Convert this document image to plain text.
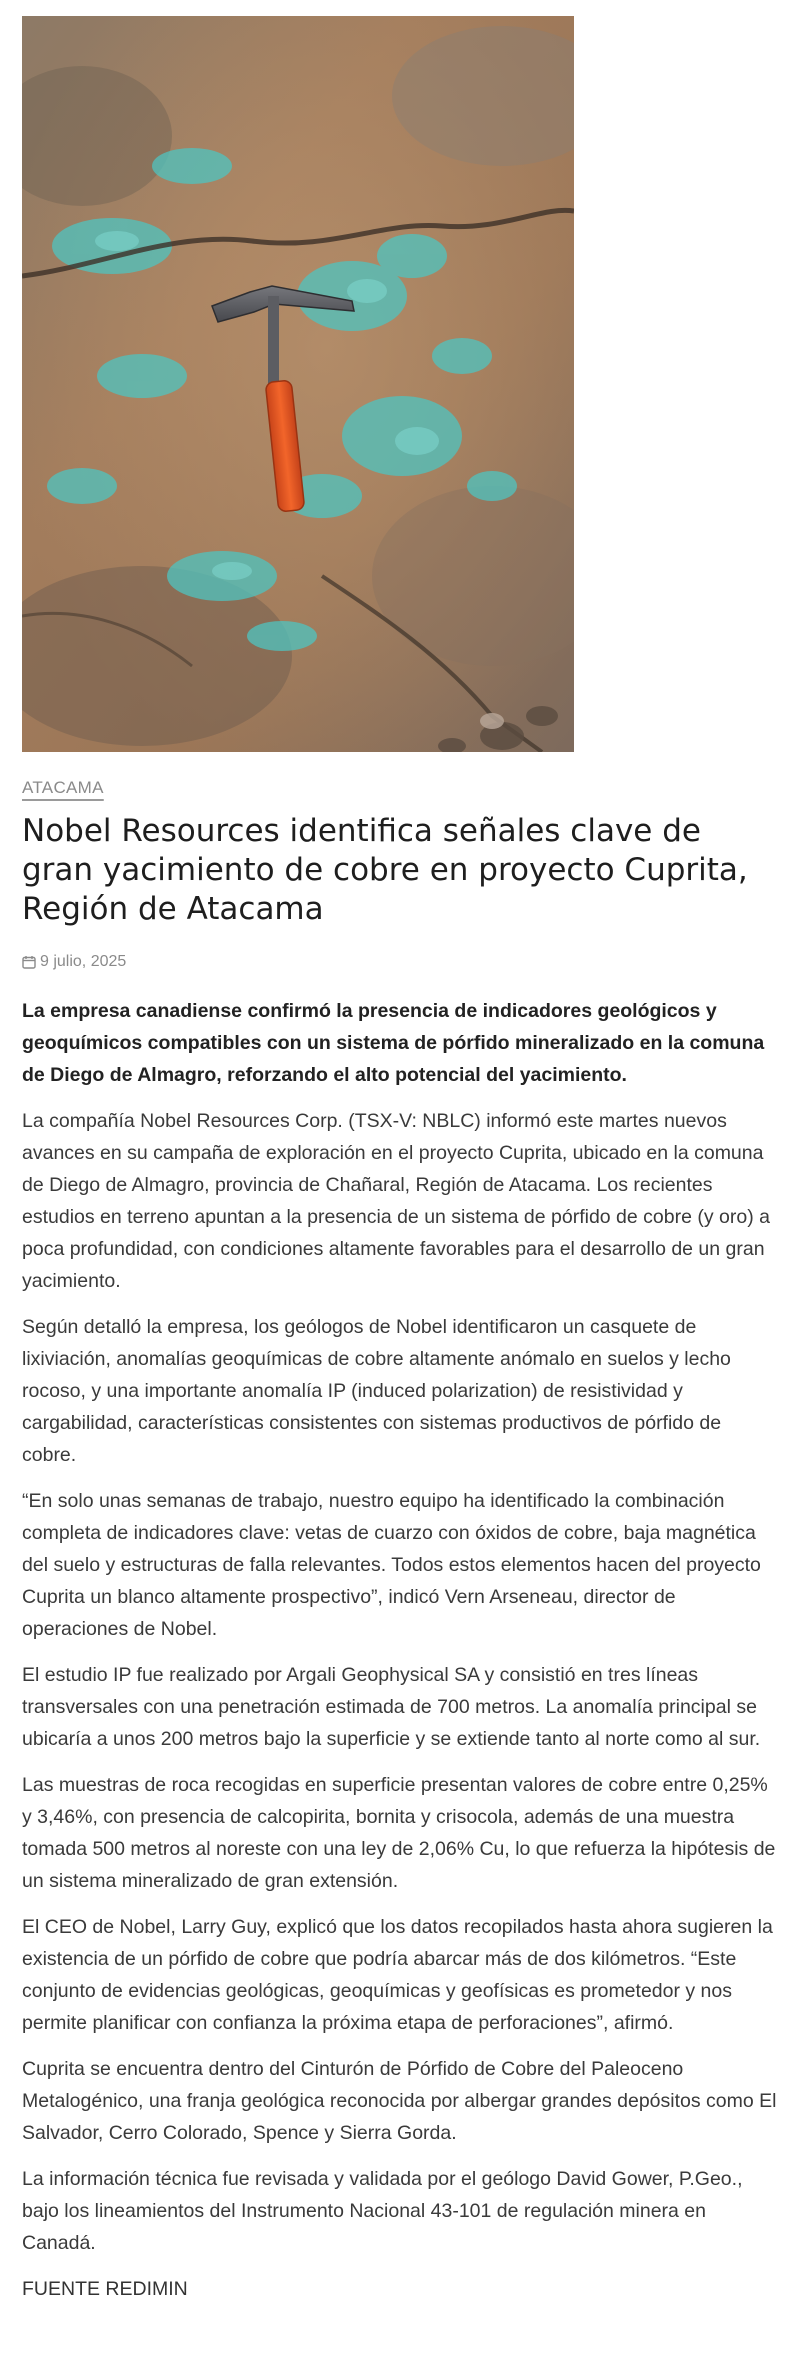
ATACAMA
Nobel Resources identifica señales clave de gran yacimiento de cobre en proyecto Cuprita, Región de Atacama
9 julio, 2025

La empresa canadiense confirmó la presencia de indicadores geológicos y geoquímicos compatibles con un sistema de pórfido mineralizado en la comuna de Diego de Almagro, reforzando el alto potencial del yacimiento.

La compañía Nobel Resources Corp. (TSX-V: NBLC) informó este martes nuevos avances en su campaña de exploración en el proyecto Cuprita, ubicado en la comuna de Diego de Almagro, provincia de Chañaral, Región de Atacama. Los recientes estudios en terreno apuntan a la presencia de un sistema de pórfido de cobre (y oro) a poca profundidad, con condiciones altamente favorables para el desarrollo de un gran yacimiento.

Según detalló la empresa, los geólogos de Nobel identificaron un casquete de lixiviación, anomalías geoquímicas de cobre altamente anómalo en suelos y lecho rocoso, y una importante anomalía IP (induced polarization) de resistividad y cargabilidad, características consistentes con sistemas productivos de pórfido de cobre.

“En solo unas semanas de trabajo, nuestro equipo ha identificado la combinación completa de indicadores clave: vetas de cuarzo con óxidos de cobre, baja magnética del suelo y estructuras de falla relevantes. Todos estos elementos hacen del proyecto Cuprita un blanco altamente prospectivo”, indicó Vern Arseneau, director de operaciones de Nobel.

El estudio IP fue realizado por Argali Geophysical SA y consistió en tres líneas transversales con una penetración estimada de 700 metros. La anomalía principal se ubicaría a unos 200 metros bajo la superficie y se extiende tanto al norte como al sur.

Las muestras de roca recogidas en superficie presentan valores de cobre entre 0,25% y 3,46%, con presencia de calcopirita, bornita y crisocola, además de una muestra tomada 500 metros al noreste con una ley de 2,06% Cu, lo que refuerza la hipótesis de un sistema mineralizado de gran extensión.

El CEO de Nobel, Larry Guy, explicó que los datos recopilados hasta ahora sugieren la existencia de un pórfido de cobre que podría abarcar más de dos kilómetros. “Este conjunto de evidencias geológicas, geoquímicas y geofísicas es prometedor y nos permite planificar con confianza la próxima etapa de perforaciones”, afirmó.

Cuprita se encuentra dentro del Cinturón de Pórfido de Cobre del Paleoceno Metalogénico, una franja geológica reconocida por albergar grandes depósitos como El Salvador, Cerro Colorado, Spence y Sierra Gorda.

La información técnica fue revisada y validada por el geólogo David Gower, P.Geo., bajo los lineamientos del Instrumento Nacional 43-101 de regulación minera en Canadá.

FUENTE REDIMIN
